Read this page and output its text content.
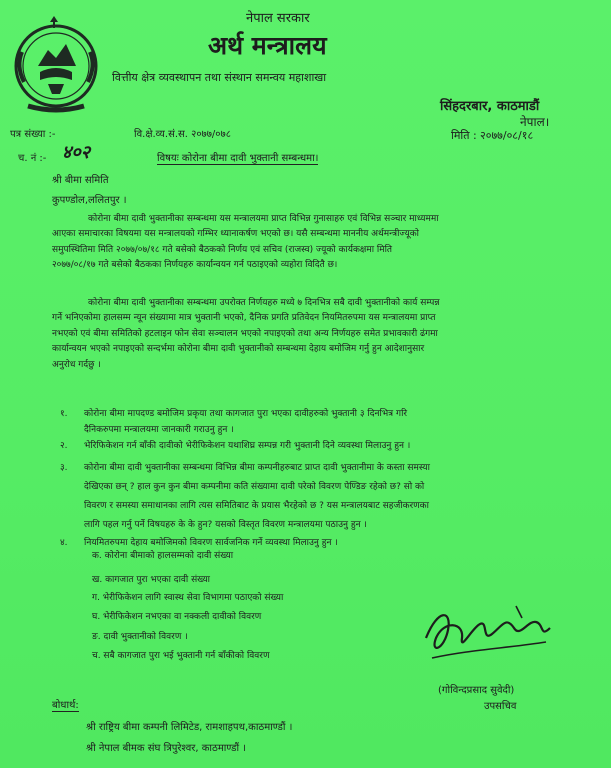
नेपाल सरकार
अर्थ मन्त्रालय
वित्तीय क्षेत्र व्यवस्थापन तथा संस्थान समन्वय महाशाखा
सिंहदरबार, काठमाडौं
नेपाल।
पत्र संख्या :-	वि.क्षे.व्य.सं.स. २०७७/०७८	मिति : २०७७/०८/१८
च. नं :- ४०२	विषयः कोरोना बीमा दावी भुक्तानी सम्बन्धमा।
श्री बीमा समिति
कुपण्डोल,ललितपुर ।
कोरोना बीमा दावी भुक्तानीका सम्बन्धमा यस मन्त्रालयमा प्राप्त विभिन्न गुनासाहरु एवं विभिन्न सञ्चार माध्यममा
आएका समाचारका विषयमा यस मन्त्रालयको गम्भिर ध्यानाकर्षण भएको छ। यसै सम्बन्धमा माननीय अर्थमन्त्रीज्यूको
समुपस्थितिमा मिति २०७७/०७/१८ गते बसेको बैठकको निर्णय एवं सचिव (राजस्व) ज्यूको कार्यकक्षमा मिति
२०७७/०८/१७ गते बसेको बैठकका निर्णयहरु कार्यान्वयन गर्न पठाइएको व्यहोरा विदितै छ।
कोरोना बीमा दावी भुक्तानीका सम्बन्धमा उपरोक्त निर्णयहरु मध्ये ७ दिनभित्र सबै दावी भुक्तानीको कार्य सम्पन्न
गर्ने भनिएकोमा हालसम्म न्यून संख्यामा मात्र भुक्तानी भएको, दैनिक प्रगति प्रतिवेदन नियमितरुपमा यस मन्त्रालयमा प्राप्त
नभएको एवं बीमा समितिको हटलाइन फोन सेवा सञ्चालन भएको नपाइएको तथा अन्य निर्णयहरु समेत प्रभावकारी ढंगमा
कार्यान्वयन भएको नपाइएको सन्दर्भमा कोरोना बीमा दावी भुक्तानीको सम्बन्धमा देहाय बमोजिम गर्नु हुन आदेशानुसार
अनुरोध गर्दछु ।
१. कोरोना बीमा मापदण्ड बमोजिम प्रकृया तथा कागजात पुरा भएका दावीहरुको भुक्तानी ३ दिनभित्र गरि
दैनिकरुपमा मन्त्रालयमा जानकारी गराउनु हुन ।
२. भेरिफिकेशन गर्न बाँकी दावीको भेरीफिकेशन यथाशिघ्र सम्पन्न गरी भुक्तानी दिने व्यवस्था मिलाउनु हुन ।
३. कोरोना बीमा दावी भुक्तानीका सम्बन्धमा विभिन्न बीमा कम्पनीहरुबाट प्राप्त दावी भुक्तानीमा के कस्ता समस्या
देखिएका छन् ? हाल कुन कुन बीमा कम्पनीमा कति संख्यामा दावी परेको विवरण पेण्डिङ रहेको छ? सो को
विवरण र समस्या समाधानका लागि त्यस समितिबाट के प्रयास भैरहेको छ ? यस मन्त्रालयबाट सहजीकरणका
लागि पहल गर्नु पर्ने विषयहरु के के हुन? यसको विस्तृत विवरण मन्त्रालयमा पठाउनु हुन ।
४. नियमितरुपमा देहाय बमोजिमको विवरण सार्वजनिक गर्ने व्यवस्था मिलाउनु हुन ।
क. कोरोना बीमाको हालसम्मको दावी संख्या
ख. कागजात पुरा भएका दावी संख्या
ग. भेरीफिकेशन लागि स्वास्थ सेवा विभागमा पठाएको संख्या
घ. भेरीफिकेशन नभएका वा नक्कली दावीको विवरण
ङ. दावी भुक्तानीको विवरण ।
च. सबै कागजात पुरा भई भुक्तानी गर्न बाँकीको विवरण
(गोविन्दप्रसाद सुवेदी)
उपसचिव
बोधार्थ:
श्री राष्ट्रिय बीमा कम्पनी लिमिटेड, रामशाहपथ,काठमाण्डौं ।
श्री नेपाल बीमक संघ त्रिपुरेश्वर, काठमाण्डौं ।
